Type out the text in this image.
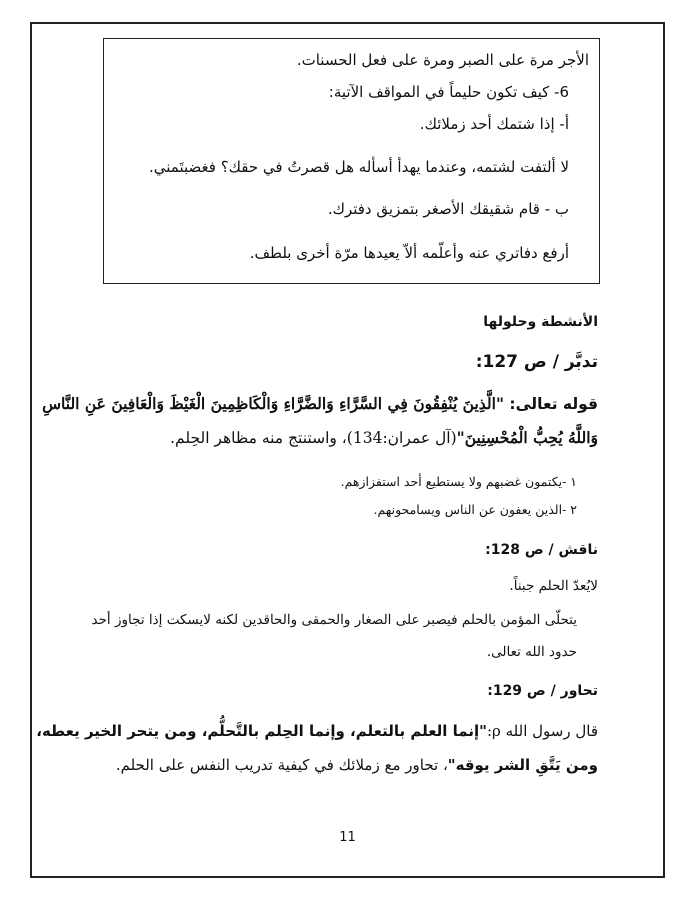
الأجر مرة على الصبر ومرة على فعل الحسنات.
6- كيف تكون حليماً في المواقف الآتية:
أ- إذا شتمك أحد زملائك.
لا ألتفت لشتمه، وعندما يهدأ أسأله هل قصرتُ في حقك؟ فغضبتَمني.
ب - قام شقيقك الأصغر بتمزيق دفترك.
أرفع دفاتري عنه وأعلّمه ألاّ يعيدها مرّة أخرى بلطف.
الأنشطة وحلولها
تدبَّر / ص 127:
قوله تعالى: "الَّذِينَ يُنْفِقُونَ فِي السَّرَّاءِ وَالضَّرَّاءِ وَالْكَاظِمِينَ الْغَيْظَ وَالْعَافِينَ عَنِ النَّاسِ
وَاللَّهُ يُحِبُّ الْمُحْسِنِينَ"(آل عمران:134)، واستنتج منه مظاهر الحِلم.
١ -يكتمون غضبهم ولا يستطيع أحد استفزازهم.
٢ -الذين يعفون عن الناس ويسامحونهم.
ناقش / ص 128:
لايُعدّ الحلم جبناً.
يتحلّى المؤمن بالحلم فيصبر على الصغار والحمقى والحاقدين لكنه لايسكت إذا تجاوز أحد
حدود الله تعالى.
تحاور / ص 129:
قال رسول الله ρ:"إنما العلم بالتعلم، وإنما الحِلم بالتَّحلُّم، ومن يتحر الخير يعطه،
ومن يَتَّقِ الشر يوقه"، تحاور مع زملائك في كيفية تدريب النفس على الحلم.
11
